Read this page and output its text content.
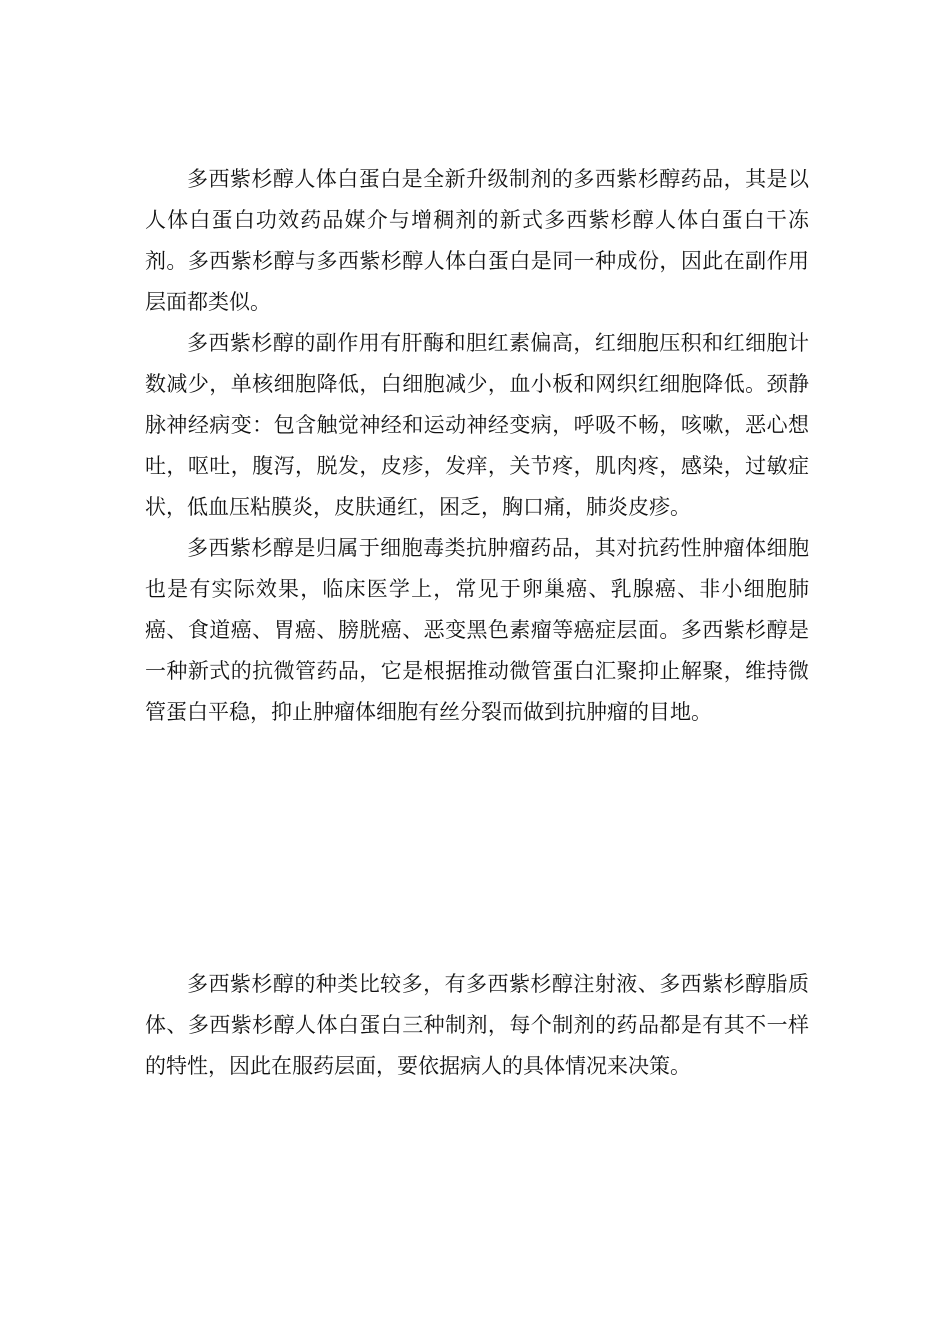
多西紫杉醇人体白蛋白是全新升级制剂的多西紫杉醇药品，其是以人体白蛋白功效药品媒介与增稠剂的新式多西紫杉醇人体白蛋白干冻剂。多西紫杉醇与多西紫杉醇人体白蛋白是同一种成份，因此在副作用层面都类似。

多西紫杉醇的副作用有肝酶和胆红素偏高，红细胞压积和红细胞计数减少，单核细胞降低，白细胞减少，血小板和网织红细胞降低。颈静脉神经病变：包含触觉神经和运动神经变病，呼吸不畅，咳嗽，恶心想吐，呕吐，腹泻，脱发，皮疹，发痒，关节疼，肌肉疼，感染，过敏症状，低血压粘膜炎，皮肤通红，困乏，胸口痛，肺炎皮疹。

多西紫杉醇是归属于细胞毒类抗肿瘤药品，其对抗药性肿瘤体细胞也是有实际效果，临床医学上，常见于卵巢癌、乳腺癌、非小细胞肺癌、食道癌、胃癌、膀胱癌、恶变黑色素瘤等癌症层面。多西紫杉醇是一种新式的抗微管药品，它是根据推动微管蛋白汇聚抑止解聚，维持微管蛋白平稳，抑止肿瘤体细胞有丝分裂而做到抗肿瘤的目地。

多西紫杉醇的种类比较多，有多西紫杉醇注射液、多西紫杉醇脂质体、多西紫杉醇人体白蛋白三种制剂，每个制剂的药品都是有其不一样的特性，因此在服药层面，要依据病人的具体情况来决策。
